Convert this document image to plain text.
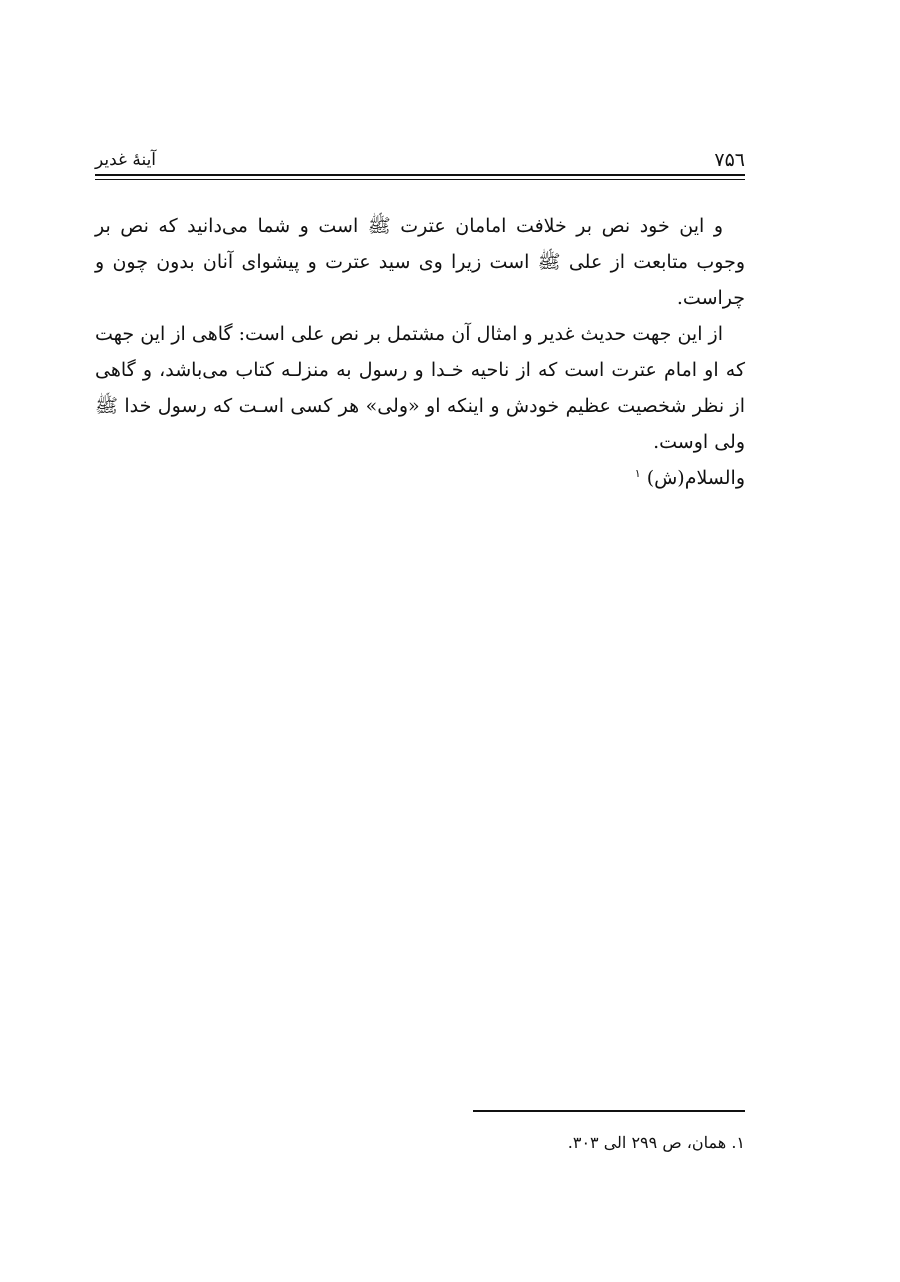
۷۵٦
آینهٔ غدیر

و این خود نص بر خلافت امامان عترت ﷺ است و شما می‌دانید که نص بر وجوب متابعت از علی ﷺ است زیرا وی سید عترت و پیشوای آنان بدون چون و چراست.

از این جهت حدیث غدیر و امثال آن مشتمل بر نص علی است: گاهی از این جهت که او امام عترت است که از ناحیه خـدا و رسول به منزلـه کتاب می‌باشد، و گاهی از نظر شخصیت عظیم خودش و اینکه او «ولی» هر کسی اسـت که رسول خدا ﷺ ولی اوست.

والسلام(ش)$^۱$

۱. همان، ص ۲۹۹ الی ۳۰۳.
